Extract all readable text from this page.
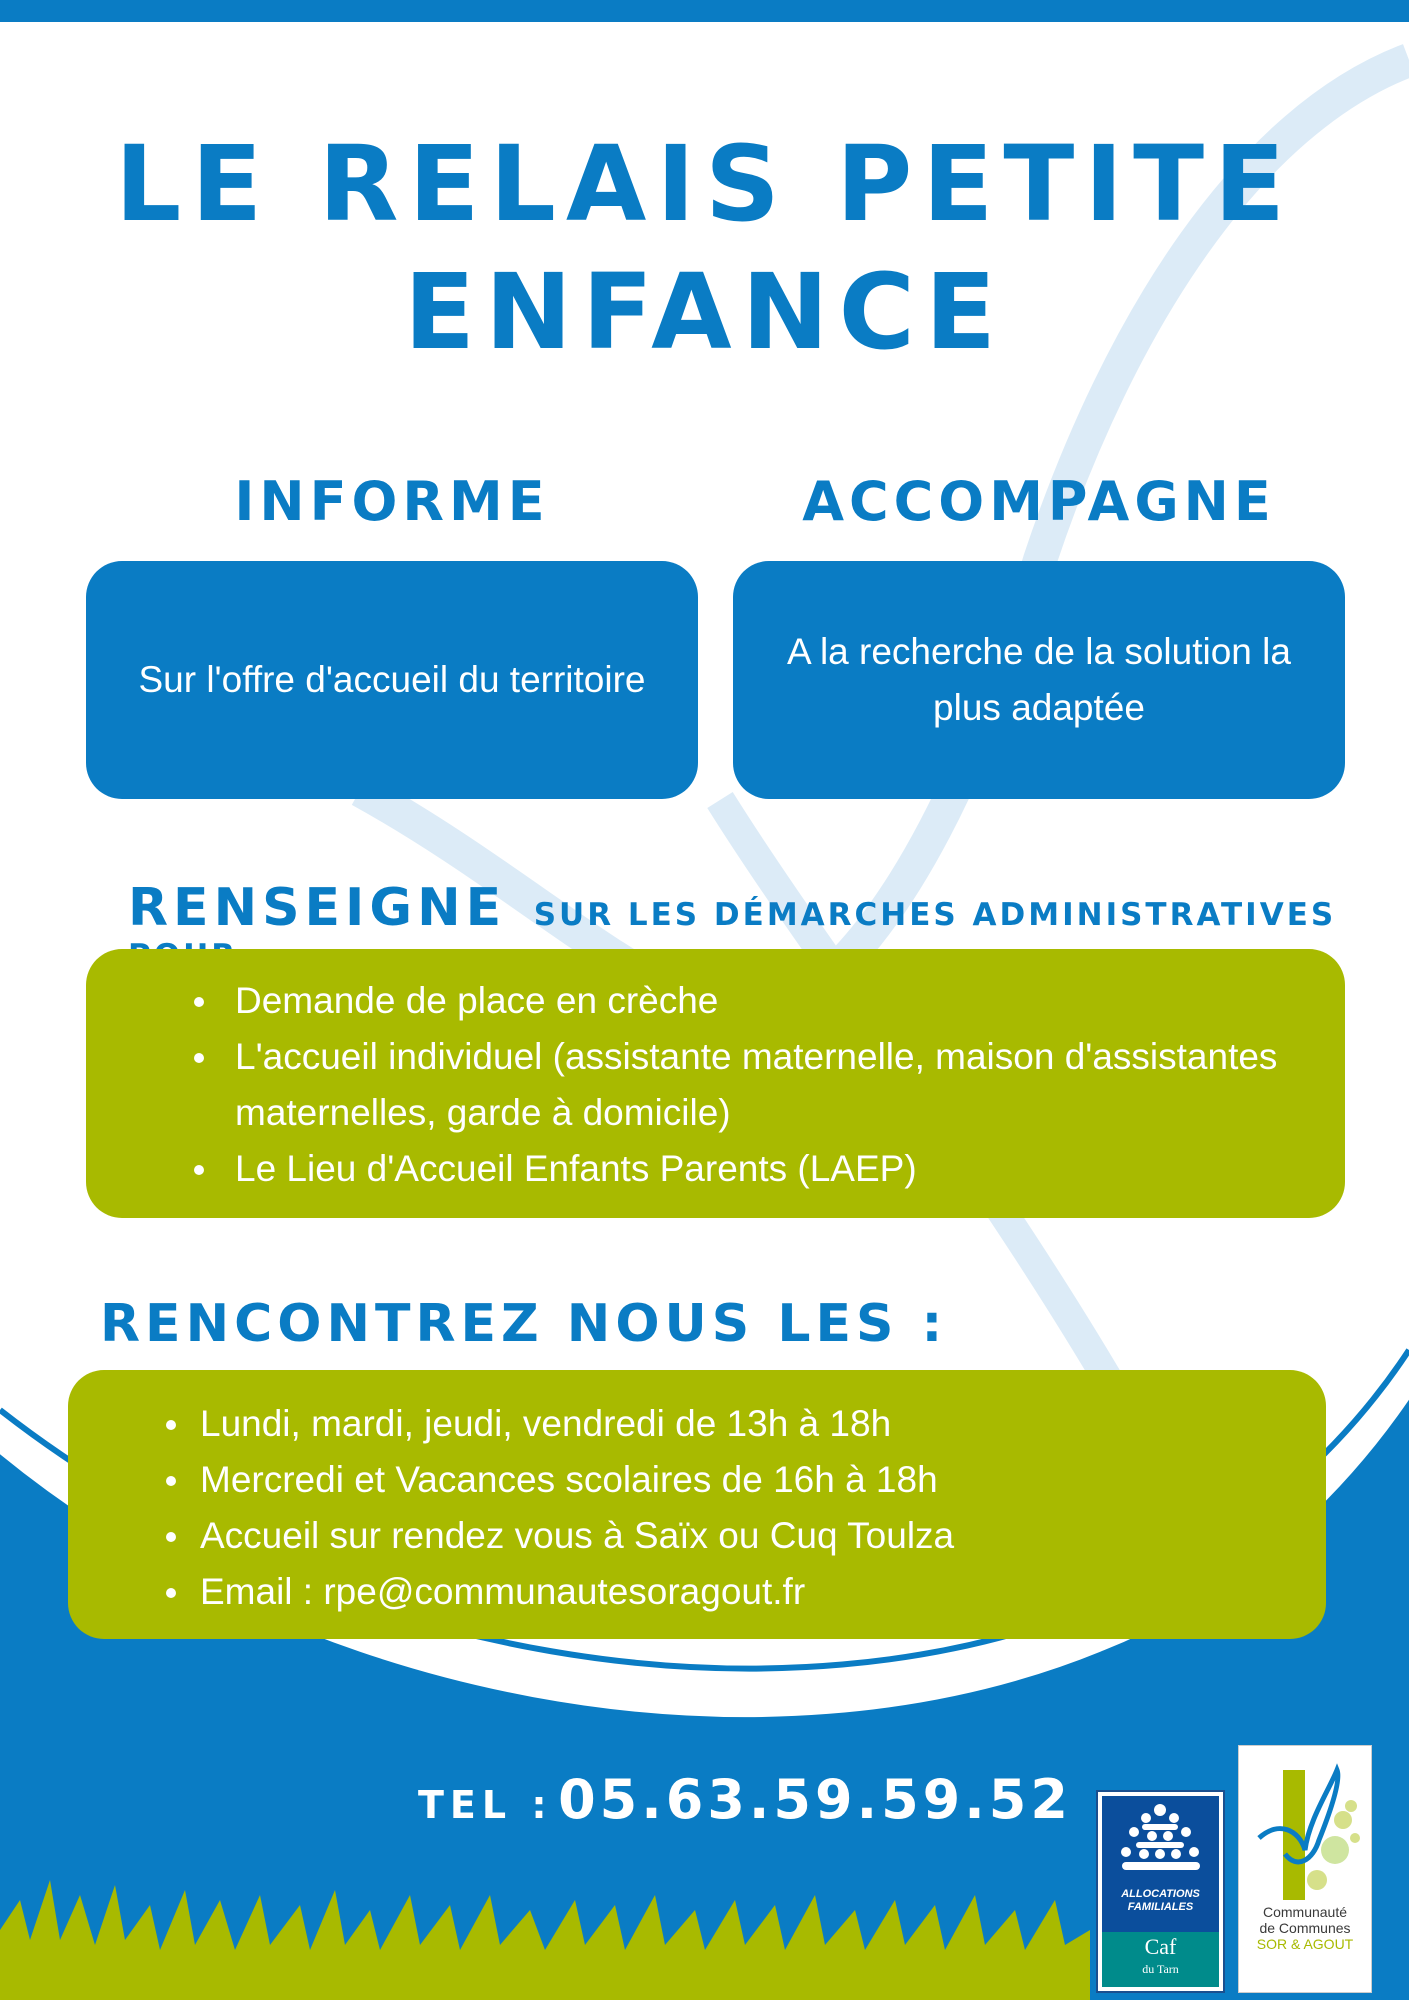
LE RELAIS PETITE
ENFANCE
INFORME	ACCOMPAGNE
Sur l'offre d'accueil du territoire
A la recherche de la solution la plus adaptée
RENSEIGNE SUR LES DÉMARCHES ADMINISTRATIVES
Demande de place en crèche
L'accueil individuel (assistante maternelle, maison d'assistantes maternelles, garde à domicile)
Le Lieu d'Accueil Enfants Parents (LAEP)
RENCONTREZ NOUS LES :
Lundi, mardi, jeudi, vendredi de 13h à 18h
Mercredi et Vacances scolaires de 16h à 18h
Accueil sur rendez vous à Saïx ou Cuq Toulza
Email : rpe@communautesoragout.fr
TEL : 05.63.59.59.52
ALLOCATIONS
FAMILIALES
Caf
du Tarn
Communauté
de Communes
SOR & AGOUT
